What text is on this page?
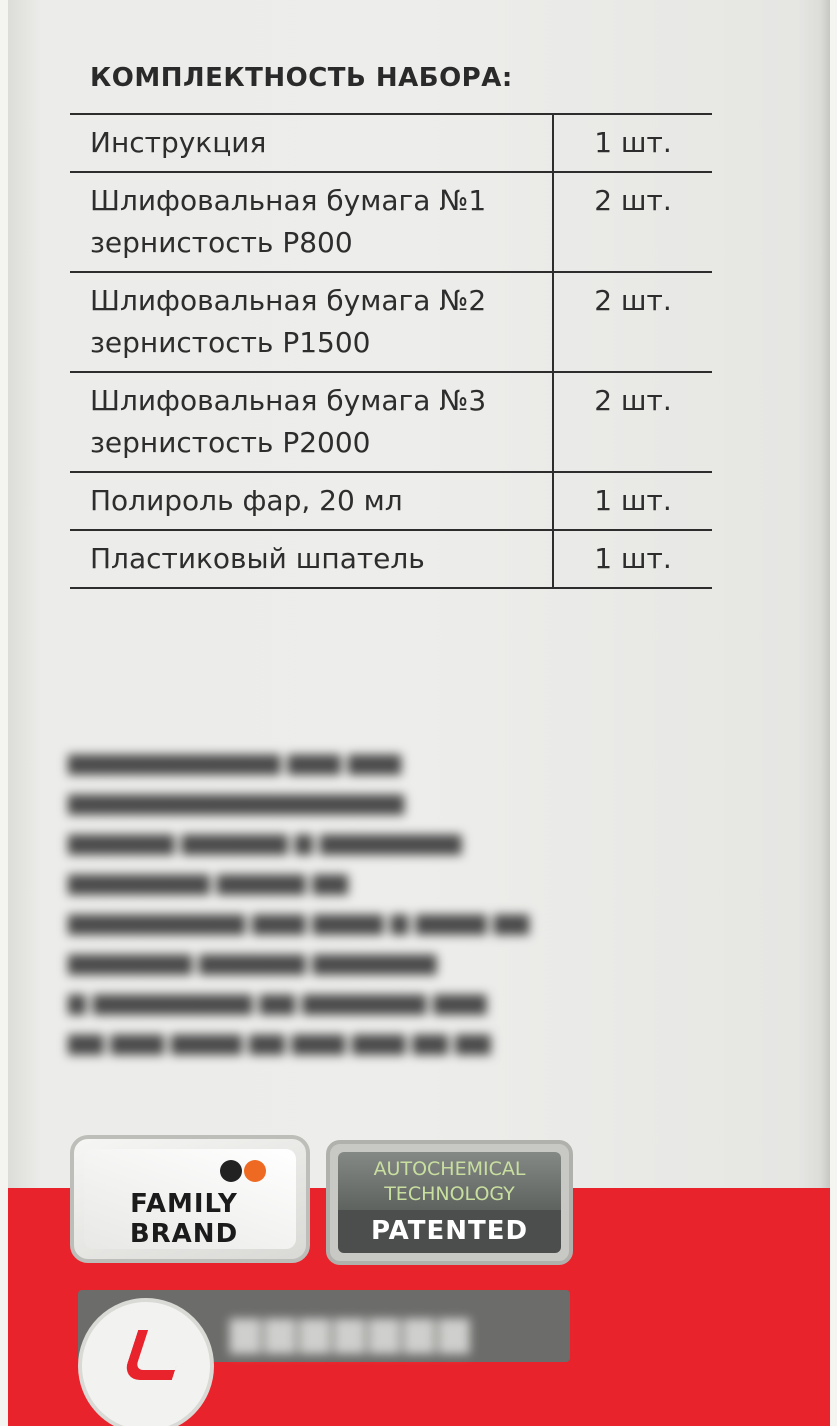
КОМПЛЕКТНОСТЬ НАБОРА:
Инструкция	1 шт.
Шлифовальная бумага №1
зернистость P800	2 шт.
Шлифовальная бумага №2
зернистость P1500	2 шт.
Шлифовальная бумага №3
зернистость P2000	2 шт.
Полироль фар, 20 мл	1 шт.
Пластиковый шпатель	1 шт.
▆▆▆▆▆▆▆▆▆▆▆▆ ▆▆▆ ▆▆▆
▆▆▆▆▆▆▆▆▆▆▆▆▆▆▆▆▆▆▆
▆▆▆▆▆▆ ▆▆▆▆▆▆ ▆ ▆▆▆▆▆▆▆▆
▆▆▆▆▆▆▆▆ ▆▆▆▆▆ ▆▆
▆▆▆▆▆▆▆▆▆▆ ▆▆▆ ▆▆▆▆ ▆ ▆▆▆▆ ▆▆
▆▆▆▆▆▆▆ ▆▆▆▆▆▆ ▆▆▆▆▆▆▆
▆ ▆▆▆▆▆▆▆▆▆ ▆▆ ▆▆▆▆▆▆▆ ▆▆▆
▆▆ ▆▆▆ ▆▆▆▆ ▆▆ ▆▆▆ ▆▆▆ ▆▆ ▆▆
FAMILY
BRAND
AUTOCHEMICAL
TECHNOLOGY
PATENTED
▆▆▆▆▆▆▆
